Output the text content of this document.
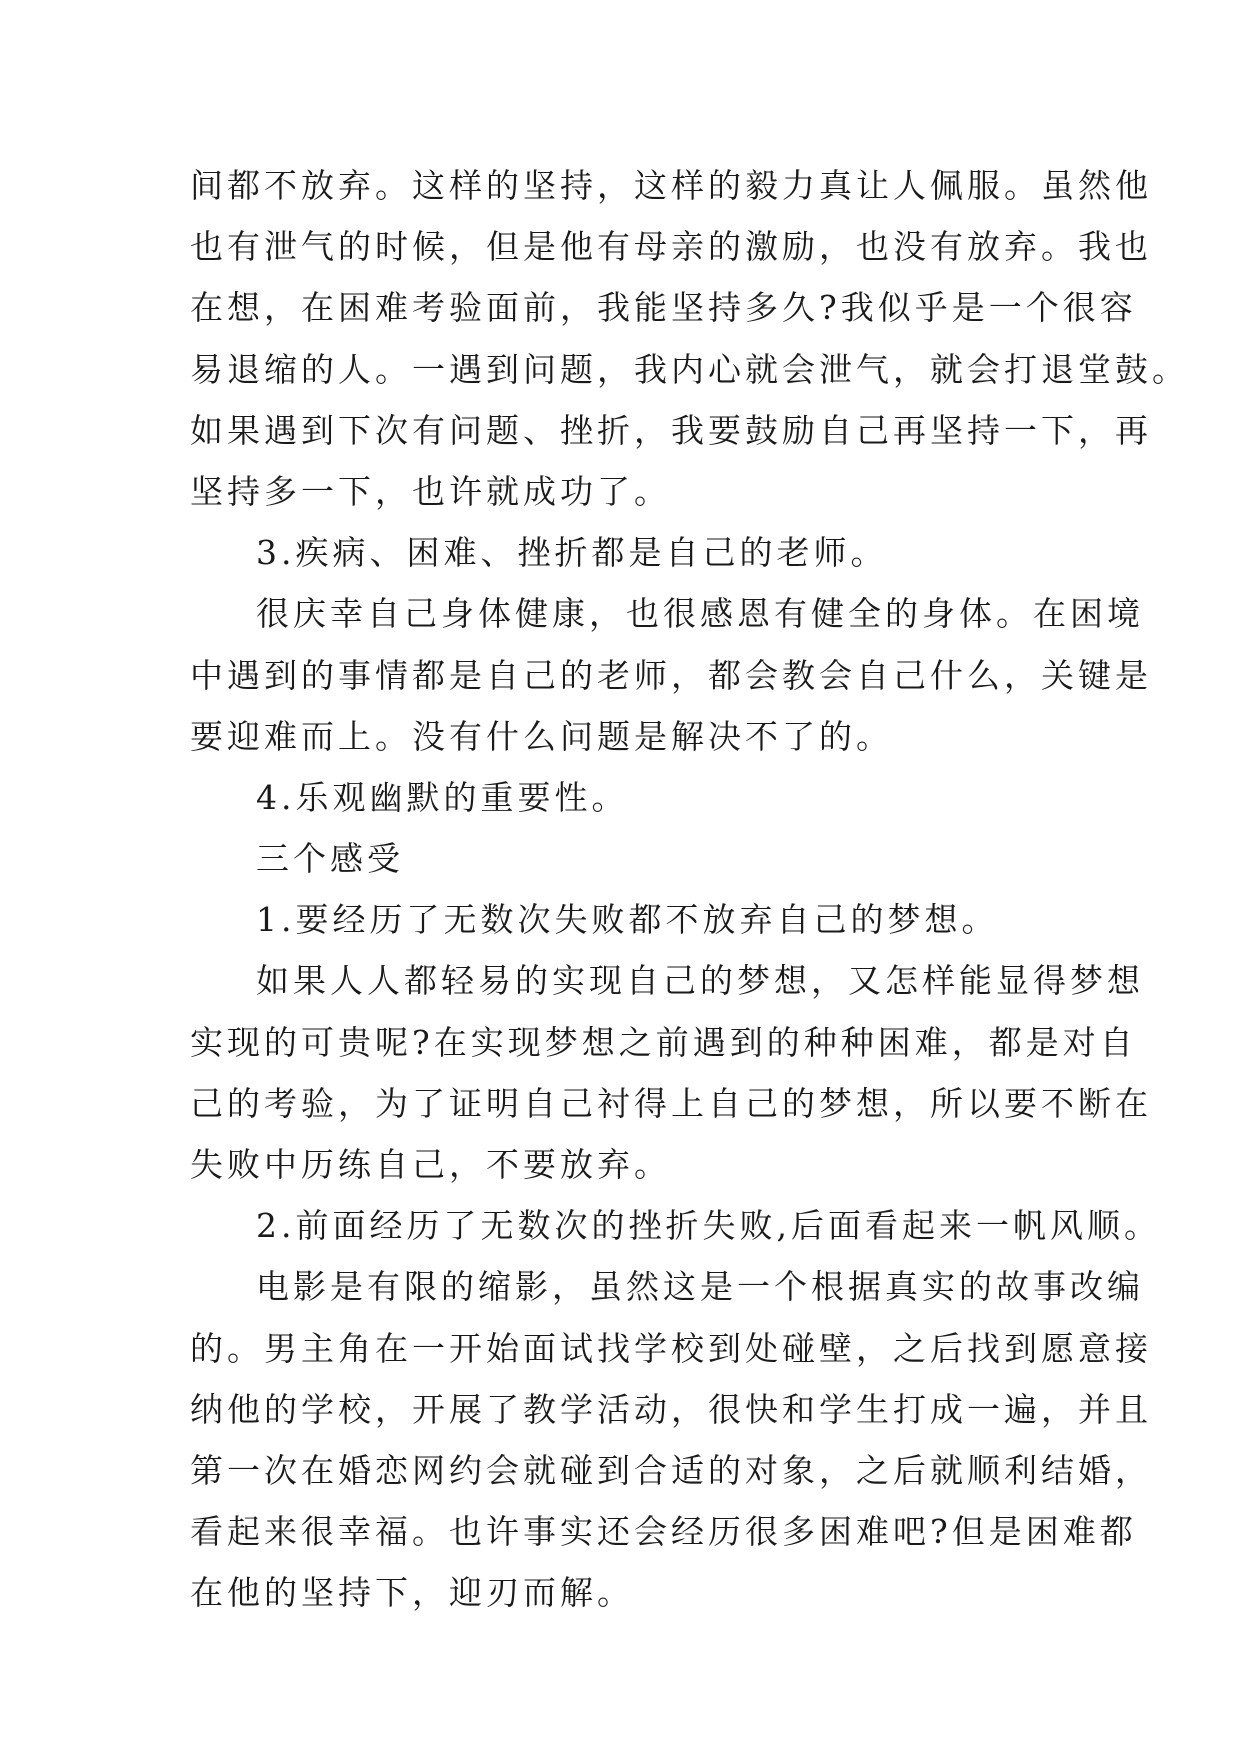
间都不放弃。这样的坚持，这样的毅力真让人佩服。虽然他
也有泄气的时候，但是他有母亲的激励，也没有放弃。我也
在想，在困难考验面前，我能坚持多久?我似乎是一个很容
易退缩的人。一遇到问题，我内心就会泄气，就会打退堂鼓。
如果遇到下次有问题、挫折，我要鼓励自己再坚持一下，再
坚持多一下，也许就成功了。
3.疾病、困难、挫折都是自己的老师。
很庆幸自己身体健康，也很感恩有健全的身体。在困境
中遇到的事情都是自己的老师，都会教会自己什么，关键是
要迎难而上。没有什么问题是解决不了的。
4.乐观幽默的重要性。
三个感受
1.要经历了无数次失败都不放弃自己的梦想。
如果人人都轻易的实现自己的梦想，又怎样能显得梦想
实现的可贵呢?在实现梦想之前遇到的种种困难，都是对自
己的考验，为了证明自己衬得上自己的梦想，所以要不断在
失败中历练自己，不要放弃。
2.前面经历了无数次的挫折失败,后面看起来一帆风顺。
电影是有限的缩影，虽然这是一个根据真实的故事改编
的。男主角在一开始面试找学校到处碰壁，之后找到愿意接
纳他的学校，开展了教学活动，很快和学生打成一遍，并且
第一次在婚恋网约会就碰到合适的对象，之后就顺利结婚，
看起来很幸福。也许事实还会经历很多困难吧?但是困难都
在他的坚持下，迎刃而解。
